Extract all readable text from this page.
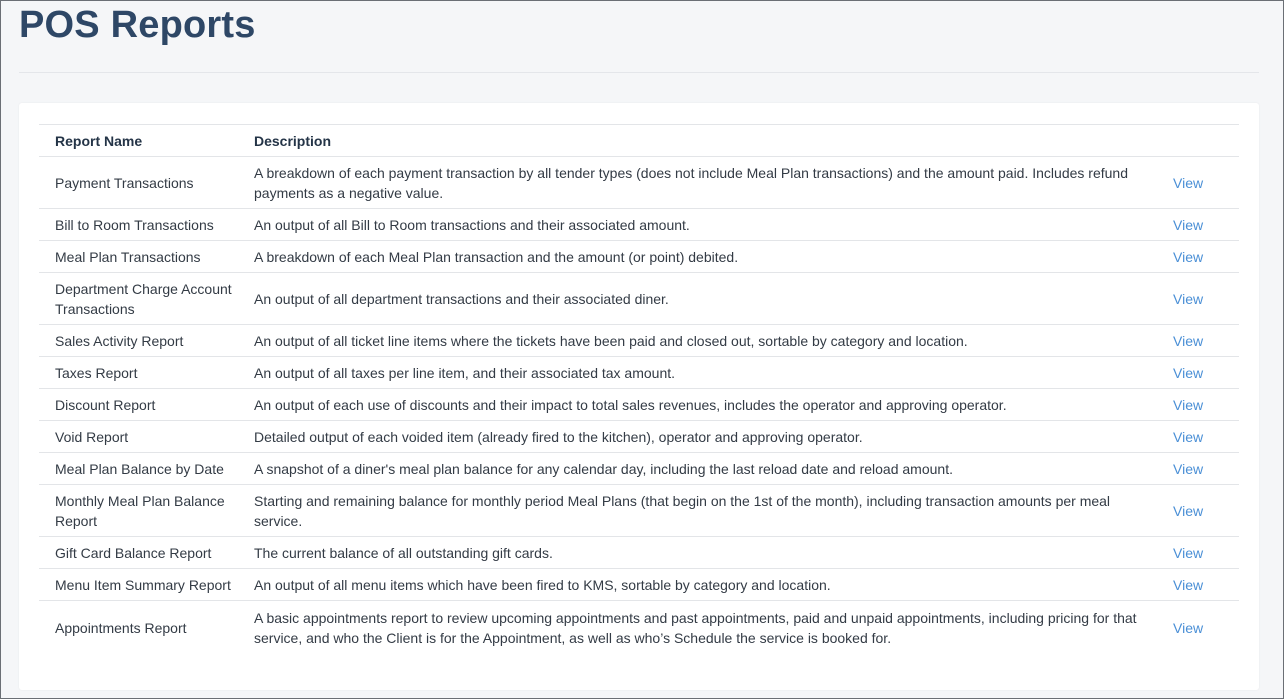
POS Reports
Report Name	Description	
Payment Transactions	A breakdown of each payment transaction by all tender types (does not include Meal Plan transactions) and the amount paid. Includes refund payments as a negative value.	View
Bill to Room Transactions	An output of all Bill to Room transactions and their associated amount.	View
Meal Plan Transactions	A breakdown of each Meal Plan transaction and the amount (or point) debited.	View
Department Charge Account Transactions	An output of all department transactions and their associated diner.	View
Sales Activity Report	An output of all ticket line items where the tickets have been paid and closed out, sortable by category and location.	View
Taxes Report	An output of all taxes per line item, and their associated tax amount.	View
Discount Report	An output of each use of discounts and their impact to total sales revenues, includes the operator and approving operator.	View
Void Report	Detailed output of each voided item (already fired to the kitchen), operator and approving operator.	View
Meal Plan Balance by Date	A snapshot of a diner's meal plan balance for any calendar day, including the last reload date and reload amount.	View
Monthly Meal Plan Balance Report	Starting and remaining balance for monthly period Meal Plans (that begin on the 1st of the month), including transaction amounts per meal service.	View
Gift Card Balance Report	The current balance of all outstanding gift cards.	View
Menu Item Summary Report	An output of all menu items which have been fired to KMS, sortable by category and location.	View
Appointments Report	A basic appointments report to review upcoming appointments and past appointments, paid and unpaid appointments, including pricing for that service, and who the Client is for the Appointment, as well as who’s Schedule the service is booked for.	View
